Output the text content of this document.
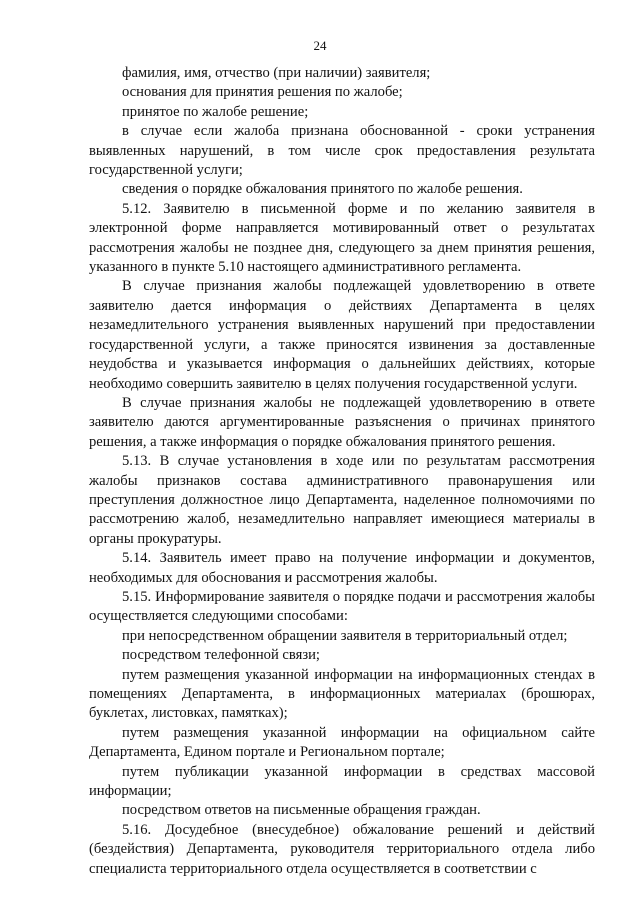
24

фамилия, имя, отчество (при наличии) заявителя;

основания для принятия решения по жалобе;

принятое по жалобе решение;

в случае если жалоба признана обоснованной - сроки устранения выявленных нарушений, в том числе срок предоставления результата государственной услуги;

сведения о порядке обжалования принятого по жалобе решения.

5.12. Заявителю в письменной форме и по желанию заявителя в электронной форме направляется мотивированный ответ о результатах рассмотрения жалобы не позднее дня, следующего за днем принятия решения, указанного в пункте 5.10 настоящего административного регламента.

В случае признания жалобы подлежащей удовлетворению в ответе заявителю дается информация о действиях Департамента в целях незамедлительного устранения выявленных нарушений при предоставлении государственной услуги, а также приносятся извинения за доставленные неудобства и указывается информация о дальнейших действиях, которые необходимо совершить заявителю в целях получения государственной услуги.

В случае признания жалобы не подлежащей удовлетворению в ответе заявителю даются аргументированные разъяснения о причинах принятого решения, а также информация о порядке обжалования принятого решения.

5.13. В случае установления в ходе или по результатам рассмотрения жалобы признаков состава административного правонарушения или преступления должностное лицо Департамента, наделенное полномочиями по рассмотрению жалоб, незамедлительно направляет имеющиеся материалы в органы прокуратуры.

5.14. Заявитель имеет право на получение информации и документов, необходимых для обоснования и рассмотрения жалобы.

5.15. Информирование заявителя о порядке подачи и рассмотрения жалобы осуществляется следующими способами:

при непосредственном обращении заявителя в территориальный отдел;

посредством телефонной связи;

путем размещения указанной информации на информационных стендах в помещениях Департамента, в информационных материалах (брошюрах, буклетах, листовках, памятках);

путем размещения указанной информации на официальном сайте Департамента, Едином портале и Региональном портале;

путем публикации указанной информации в средствах массовой информации;

посредством ответов на письменные обращения граждан.

5.16. Досудебное (внесудебное) обжалование решений и действий (бездействия) Департамента, руководителя территориального отдела либо специалиста территориального отдела осуществляется в соответствии с
